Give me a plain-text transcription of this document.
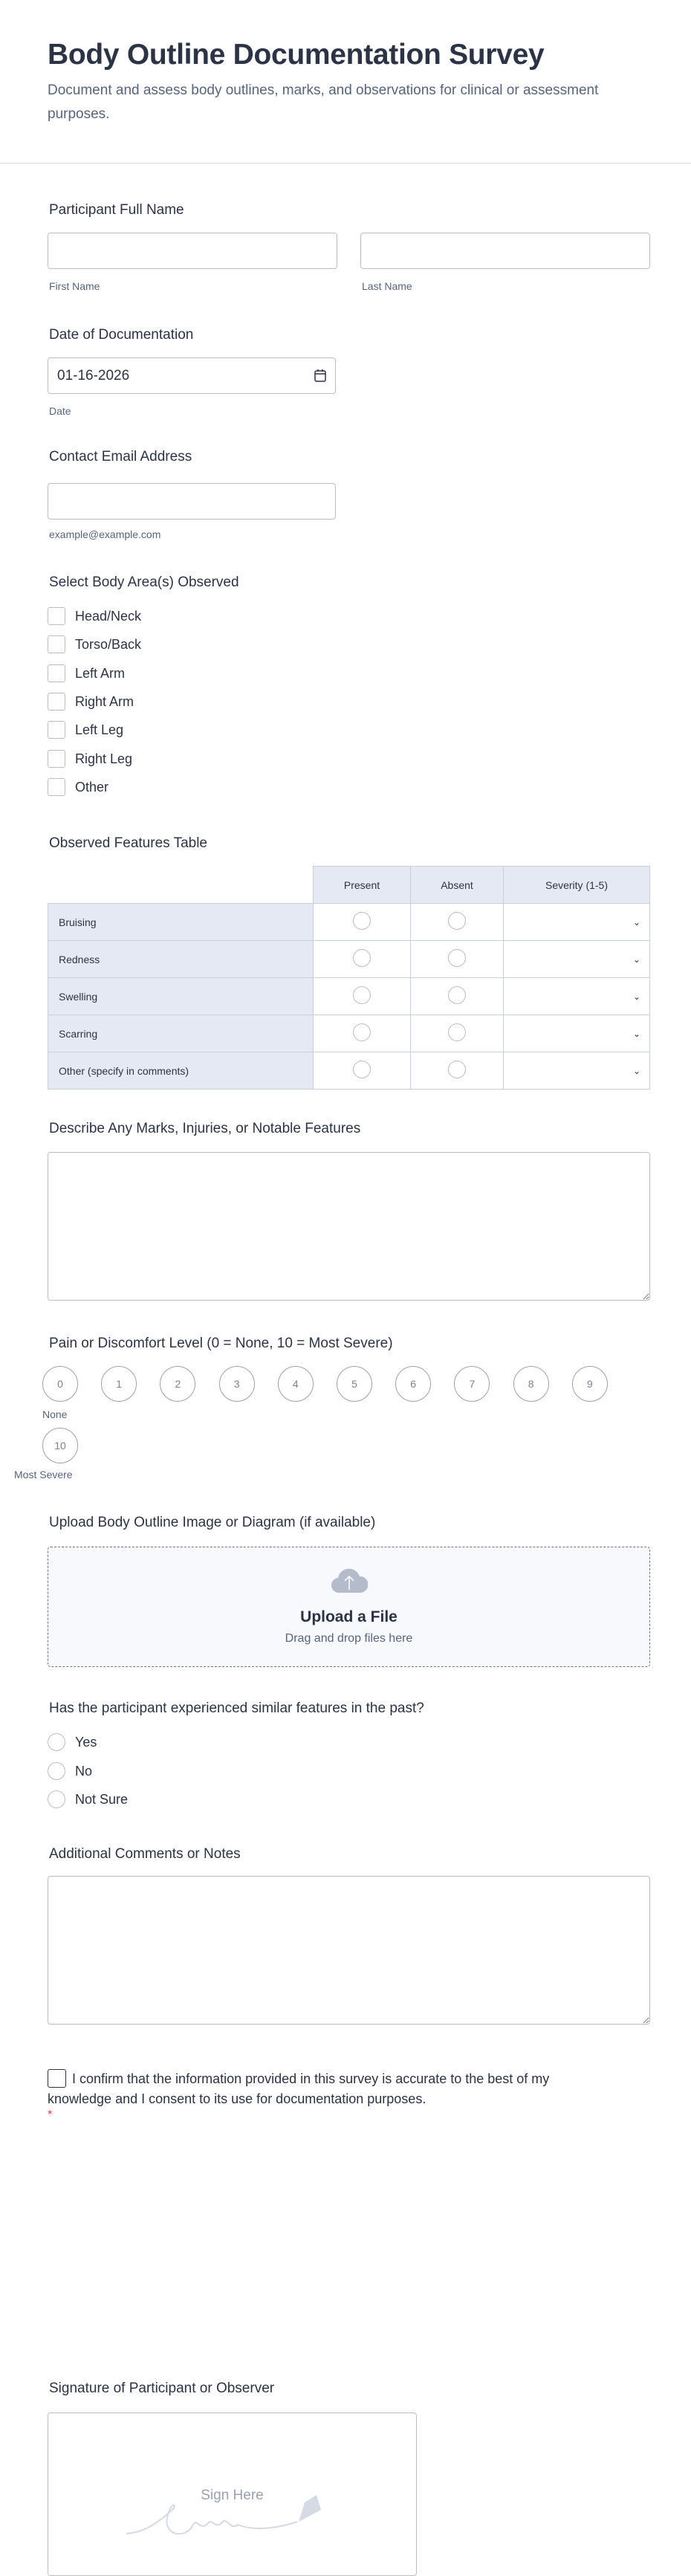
Body Outline Documentation Survey
Document and assess body outlines, marks, and observations for clinical or assessment purposes.
Participant Full Name
First Name	Last Name
Date of Documentation
01-16-2026
Date
Contact Email Address
example@example.com
Select Body Area(s) Observed
Head/Neck
Torso/Back
Left Arm
Right Arm
Left Leg
Right Leg
Other
Observed Features Table
	Present	Absent	Severity (1-5)
Bruising			⌄

Redness			⌄

Swelling			⌄

Scarring			⌄

Other (specify in comments)			⌄
Describe Any Marks, Injuries, or Notable Features
Pain or Discomfort Level (0 = None, 10 = Most Severe)
0	1	2	3	4	5	6	7	8	9
10
None
Most Severe
Upload Body Outline Image or Diagram (if available)
Upload a File
Drag and drop files here
Has the participant experienced similar features in the past?
Yes
No
Not Sure
Additional Comments or Notes
I confirm that the information provided in this survey is accurate to the best of my knowledge and I consent to its use for documentation purposes.
*
Signature of Participant or Observer
Sign Here
